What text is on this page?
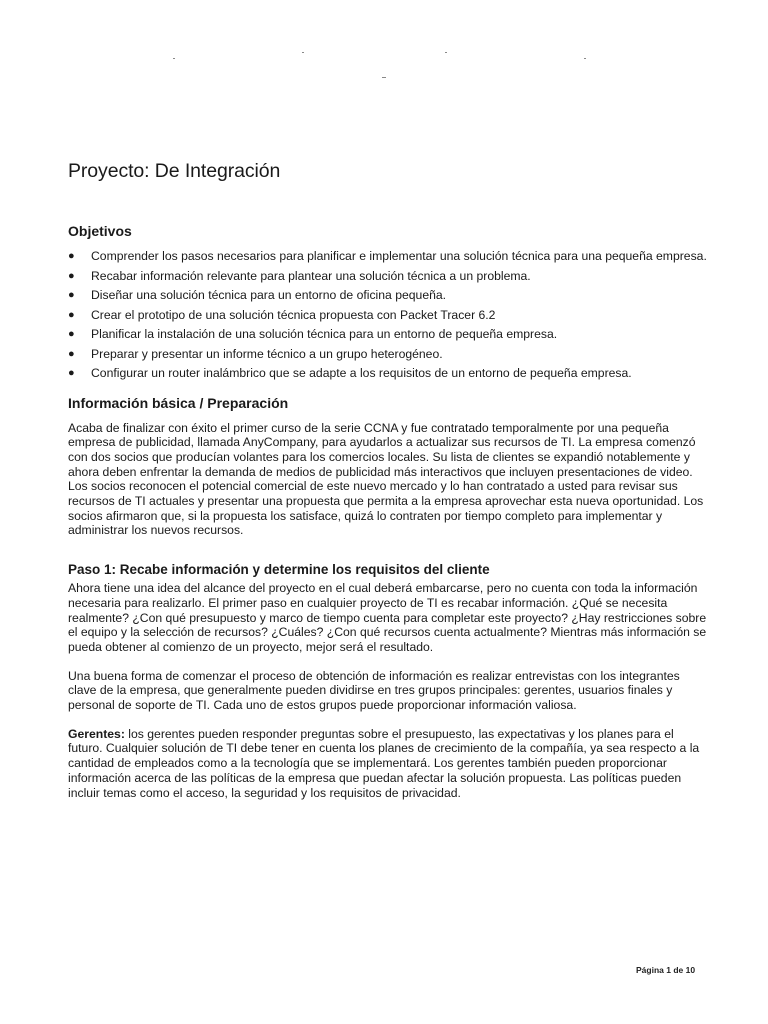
Proyecto: De Integración
Objetivos
● Comprender los pasos necesarios para planificar e implementar una solución técnica para una pequeña empresa.
● Recabar información relevante para plantear una solución técnica a un problema.
● Diseñar una solución técnica para un entorno de oficina pequeña.
● Crear el prototipo de una solución técnica propuesta con Packet Tracer 6.2
● Planificar la instalación de una solución técnica para un entorno de pequeña empresa.
● Preparar y presentar un informe técnico a un grupo heterogéneo.
● Configurar un router inalámbrico que se adapte a los requisitos de un entorno de pequeña empresa.
Información básica / Preparación

Acaba de finalizar con éxito el primer curso de la serie CCNA y fue contratado temporalmente por una pequeña empresa de publicidad, llamada AnyCompany, para ayudarlos a actualizar sus recursos de TI. La empresa comenzó con dos socios que producían volantes para los comercios locales. Su lista de clientes se expandió notablemente y ahora deben enfrentar la demanda de medios de publicidad más interactivos que incluyen presentaciones de video. Los socios reconocen el potencial comercial de este nuevo mercado y lo han contratado a usted para revisar sus recursos de TI actuales y presentar una propuesta que permita a la empresa aprovechar esta nueva oportunidad. Los socios afirmaron que, si la propuesta los satisface, quizá lo contraten por tiempo completo para implementar y administrar los nuevos recursos.

Paso 1: Recabe información y determine los requisitos del cliente

Ahora tiene una idea del alcance del proyecto en el cual deberá embarcarse, pero no cuenta con toda la información necesaria para realizarlo. El primer paso en cualquier proyecto de TI es recabar información. ¿Qué se necesita realmente? ¿Con qué presupuesto y marco de tiempo cuenta para completar este proyecto? ¿Hay restricciones sobre el equipo y la selección de recursos? ¿Cuáles? ¿Con qué recursos cuenta actualmente? Mientras más información se pueda obtener al comienzo de un proyecto, mejor será el resultado.

Una buena forma de comenzar el proceso de obtención de información es realizar entrevistas con los integrantes clave de la empresa, que generalmente pueden dividirse en tres grupos principales: gerentes, usuarios finales y personal de soporte de TI. Cada uno de estos grupos puede proporcionar información valiosa.

Gerentes: los gerentes pueden responder preguntas sobre el presupuesto, las expectativas y los planes para el futuro. Cualquier solución de TI debe tener en cuenta los planes de crecimiento de la compañía, ya sea respecto a la cantidad de empleados como a la tecnología que se implementará. Los gerentes también pueden proporcionar información acerca de las políticas de la empresa que puedan afectar la solución propuesta. Las políticas pueden incluir temas como el acceso, la seguridad y los requisitos de privacidad.

Página 1 de 10
